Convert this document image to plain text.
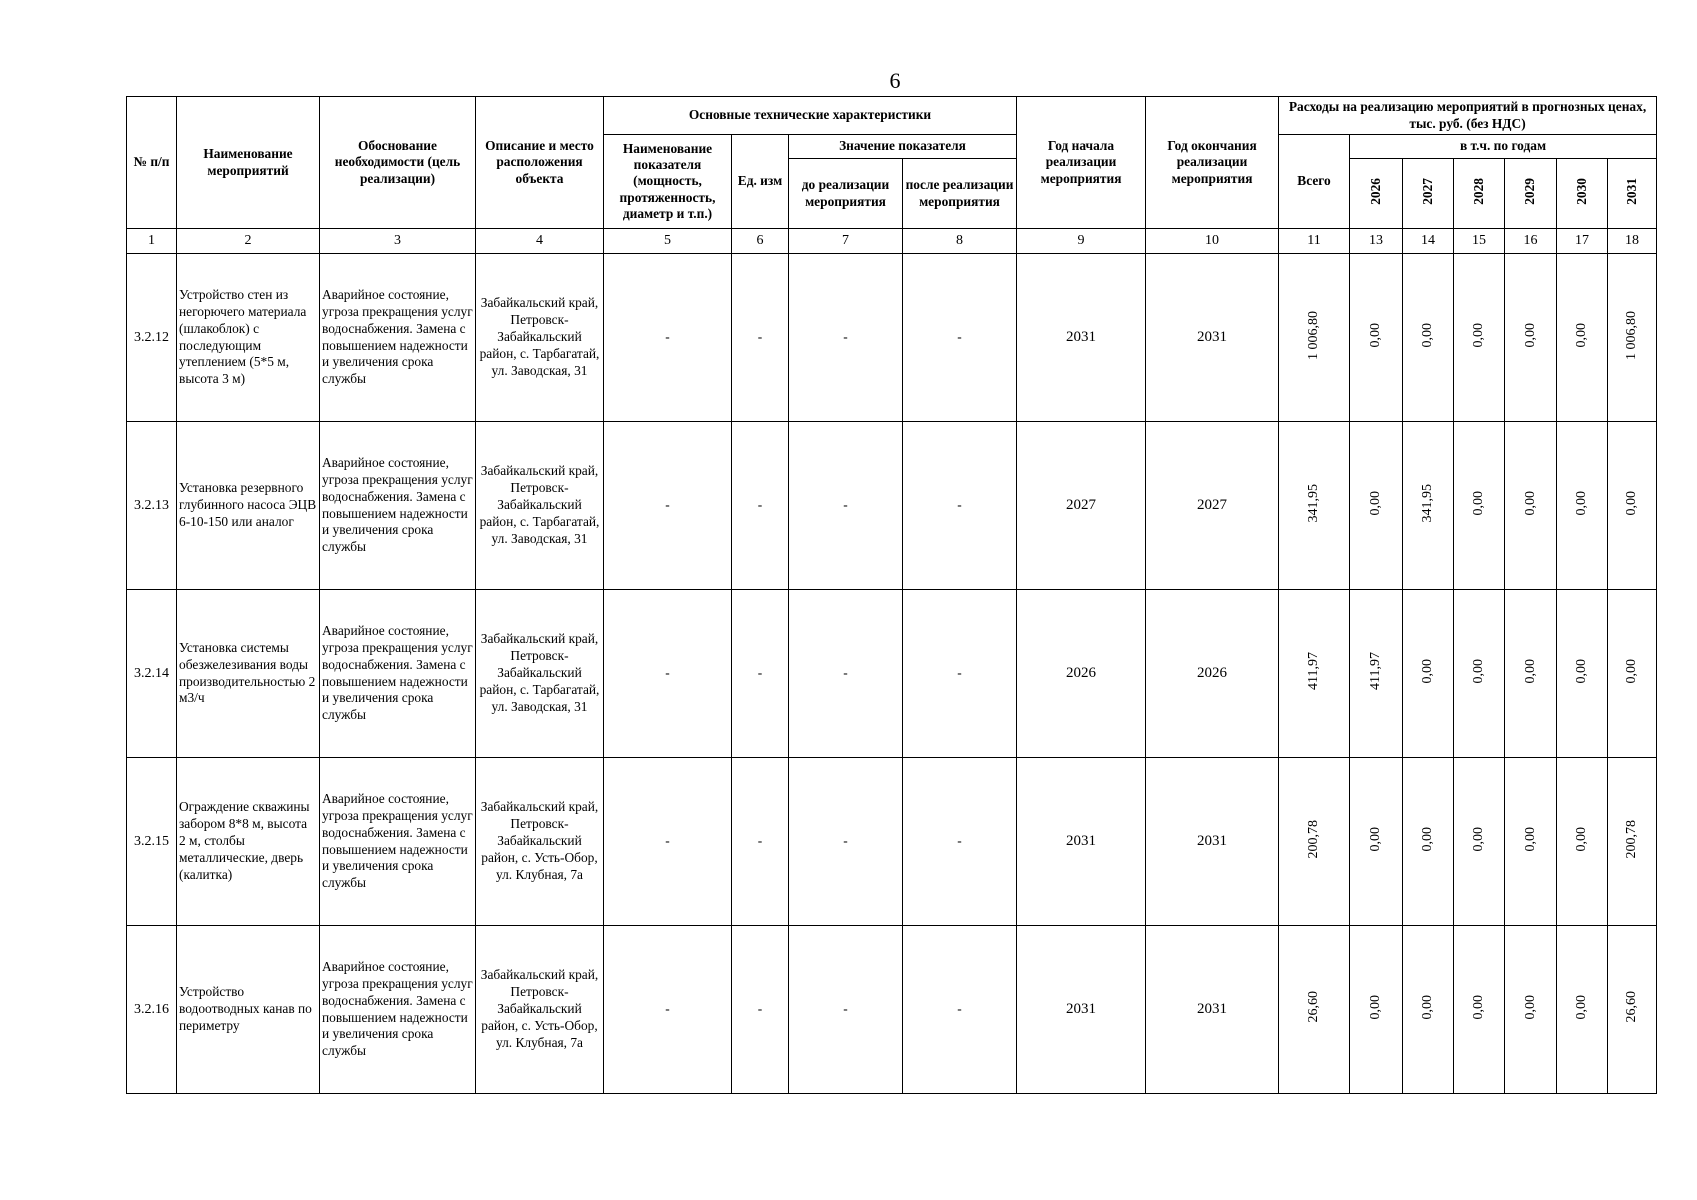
6
№ п/п	Наименование мероприятий	Обоснование необходимости (цель реализации)	Описание и место расположения объекта	Основные технические характеристики				Год начала реализации мероприятия	Год окончания реализации мероприятия	Расходы на реализацию мероприятий в прогнозных ценах, тыс. руб. (без НДС)						
				Наименование показателя (мощность, протяженность, диаметр и т.п.)	Ед. изм	Значение показателя				Всего	в т.ч. по годам					
						до реализации мероприятия	после реализации мероприятия				2026	2027	2028	2029	2030	2031
1	2	3	4	5	6	7	8	9	10	11	13	14	15	16	17	18
3.2.12	Устройство стен из негорючего материала (шлакоблок) с последующим утеплением (5*5 м, высота 3 м)	Аварийное состояние, угроза прекращения услуг водоснабжения. Замена с повышением надежности и увеличения срока службы	Забайкальский край, Петровск-Забайкальский район, с. Тарбагатай, ул. Заводская, 31	-	-	-	-	2031	2031	1 006,80	0,00	0,00	0,00	0,00	0,00	1 006,80
3.2.13	Установка резервного глубинного насоса ЭЦВ 6-10-150 или аналог	Аварийное состояние, угроза прекращения услуг водоснабжения. Замена с повышением надежности и увеличения срока службы	Забайкальский край, Петровск-Забайкальский район, с. Тарбагатай, ул. Заводская, 31	-	-	-	-	2027	2027	341,95	0,00	341,95	0,00	0,00	0,00	0,00
3.2.14	Установка системы обезжелезивания воды производительностью 2 м3/ч	Аварийное состояние, угроза прекращения услуг водоснабжения. Замена с повышением надежности и увеличения срока службы	Забайкальский край, Петровск-Забайкальский район, с. Тарбагатай, ул. Заводская, 31	-	-	-	-	2026	2026	411,97	411,97	0,00	0,00	0,00	0,00	0,00
3.2.15	Ограждение скважины забором 8*8 м, высота 2 м, столбы металлические, дверь (калитка)	Аварийное состояние, угроза прекращения услуг водоснабжения. Замена с повышением надежности и увеличения срока службы	Забайкальский край, Петровск-Забайкальский район, с. Усть-Обор, ул. Клубная, 7а	-	-	-	-	2031	2031	200,78	0,00	0,00	0,00	0,00	0,00	200,78
3.2.16	Устройство водоотводных канав по периметру	Аварийное состояние, угроза прекращения услуг водоснабжения. Замена с повышением надежности и увеличения срока службы	Забайкальский край, Петровск-Забайкальский район, с. Усть-Обор, ул. Клубная, 7а	-	-	-	-	2031	2031	26,60	0,00	0,00	0,00	0,00	0,00	26,60
